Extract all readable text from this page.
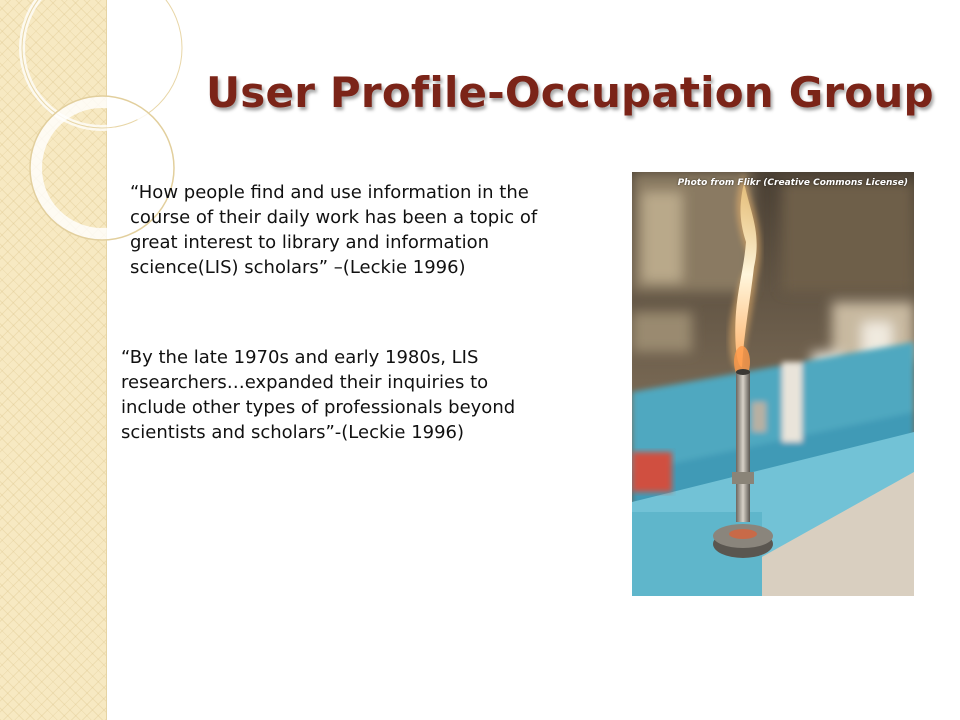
User Profile-Occupation Group

“How people find and use information in the course of their daily work has been a topic of great interest to library and information science(LIS) scholars” –(Leckie 1996)

“By the late 1970s and early 1980s, LIS researchers…expanded their inquiries to include other types of professionals beyond scientists and scholars”-(Leckie 1996)

Photo from Flikr (Creative Commons License)
